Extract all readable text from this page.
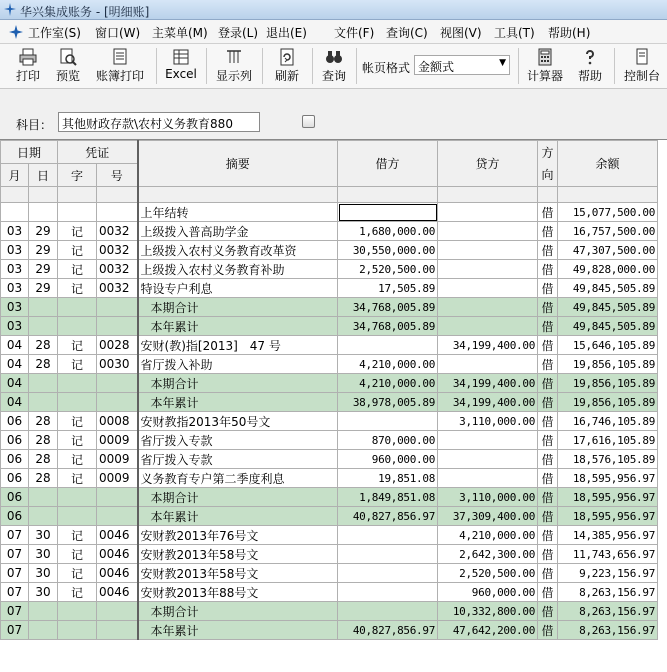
华兴集成账务 - [明细账]
工作室(S) 窗口(W) 主菜单(M) 登录(L) 退出(E) 文件(F) 查询(C) 视图(V) 工具(T) 帮助(H)
打印	预览	账簿打印	Excel	显示列	刷新	查询
帐页格式 金额式	▼
计算器	帮助	控制台
科目： 其他财政存款\农村义务教育880
日期		凭证		摘要	借方	贷方	方向	余额
月	日	字	号					

				上年结转			借	15,077,500.00
03	29	记	0032	上级拨入普高助学金	1,680,000.00		借	16,757,500.00
03	29	记	0032	上级拨入农村义务教育改革资	30,550,000.00		借	47,307,500.00
03	29	记	0032	上级拨入农村义务教育补助	2,520,500.00		借	49,828,000.00
03	29	记	0032	特设专户利息	17,505.89		借	49,845,505.89
03				本期合计	34,768,005.89		借	49,845,505.89
03				本年累计	34,768,005.89		借	49,845,505.89
04	28	记	0028	安财(教)指[2013]　47 号		34,199,400.00	借	15,646,105.89
04	28	记	0030	省厅拨入补助	4,210,000.00		借	19,856,105.89
04				本期合计	4,210,000.00	34,199,400.00	借	19,856,105.89
04				本年累计	38,978,005.89	34,199,400.00	借	19,856,105.89
06	28	记	0008	安财教指2013年50号文		3,110,000.00	借	16,746,105.89
06	28	记	0009	省厅拨入专款	870,000.00		借	17,616,105.89
06	28	记	0009	省厅拨入专款	960,000.00		借	18,576,105.89
06	28	记	0009	义务教育专户第二季度利息	19,851.08		借	18,595,956.97
06				本期合计	1,849,851.08	3,110,000.00	借	18,595,956.97
06				本年累计	40,827,856.97	37,309,400.00	借	18,595,956.97
07	30	记	0046	安财教2013年76号文		4,210,000.00	借	14,385,956.97
07	30	记	0046	安财教2013年58号文		2,642,300.00	借	11,743,656.97
07	30	记	0046	安财教2013年58号文		2,520,500.00	借	9,223,156.97
07	30	记	0046	安财教2013年88号文		960,000.00	借	8,263,156.97
07				本期合计		10,332,800.00	借	8,263,156.97
07				本年累计	40,827,856.97	47,642,200.00	借	8,263,156.97
